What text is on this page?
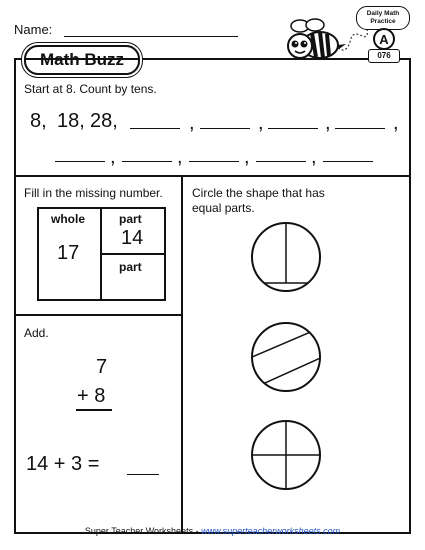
Name:
Math Buzz
Daily Math
Practice
A
076
Start at 8. Count by tens.
8, 18, 28,	,	,	,	,
,	,	,	,
Fill in the missing number.
whole
17
part
14
part
Add.
7
+ 8
14 + 3 =
Circle the shape that has
equal parts.
Super Teacher Worksheets - www.superteacherworksheets.com
